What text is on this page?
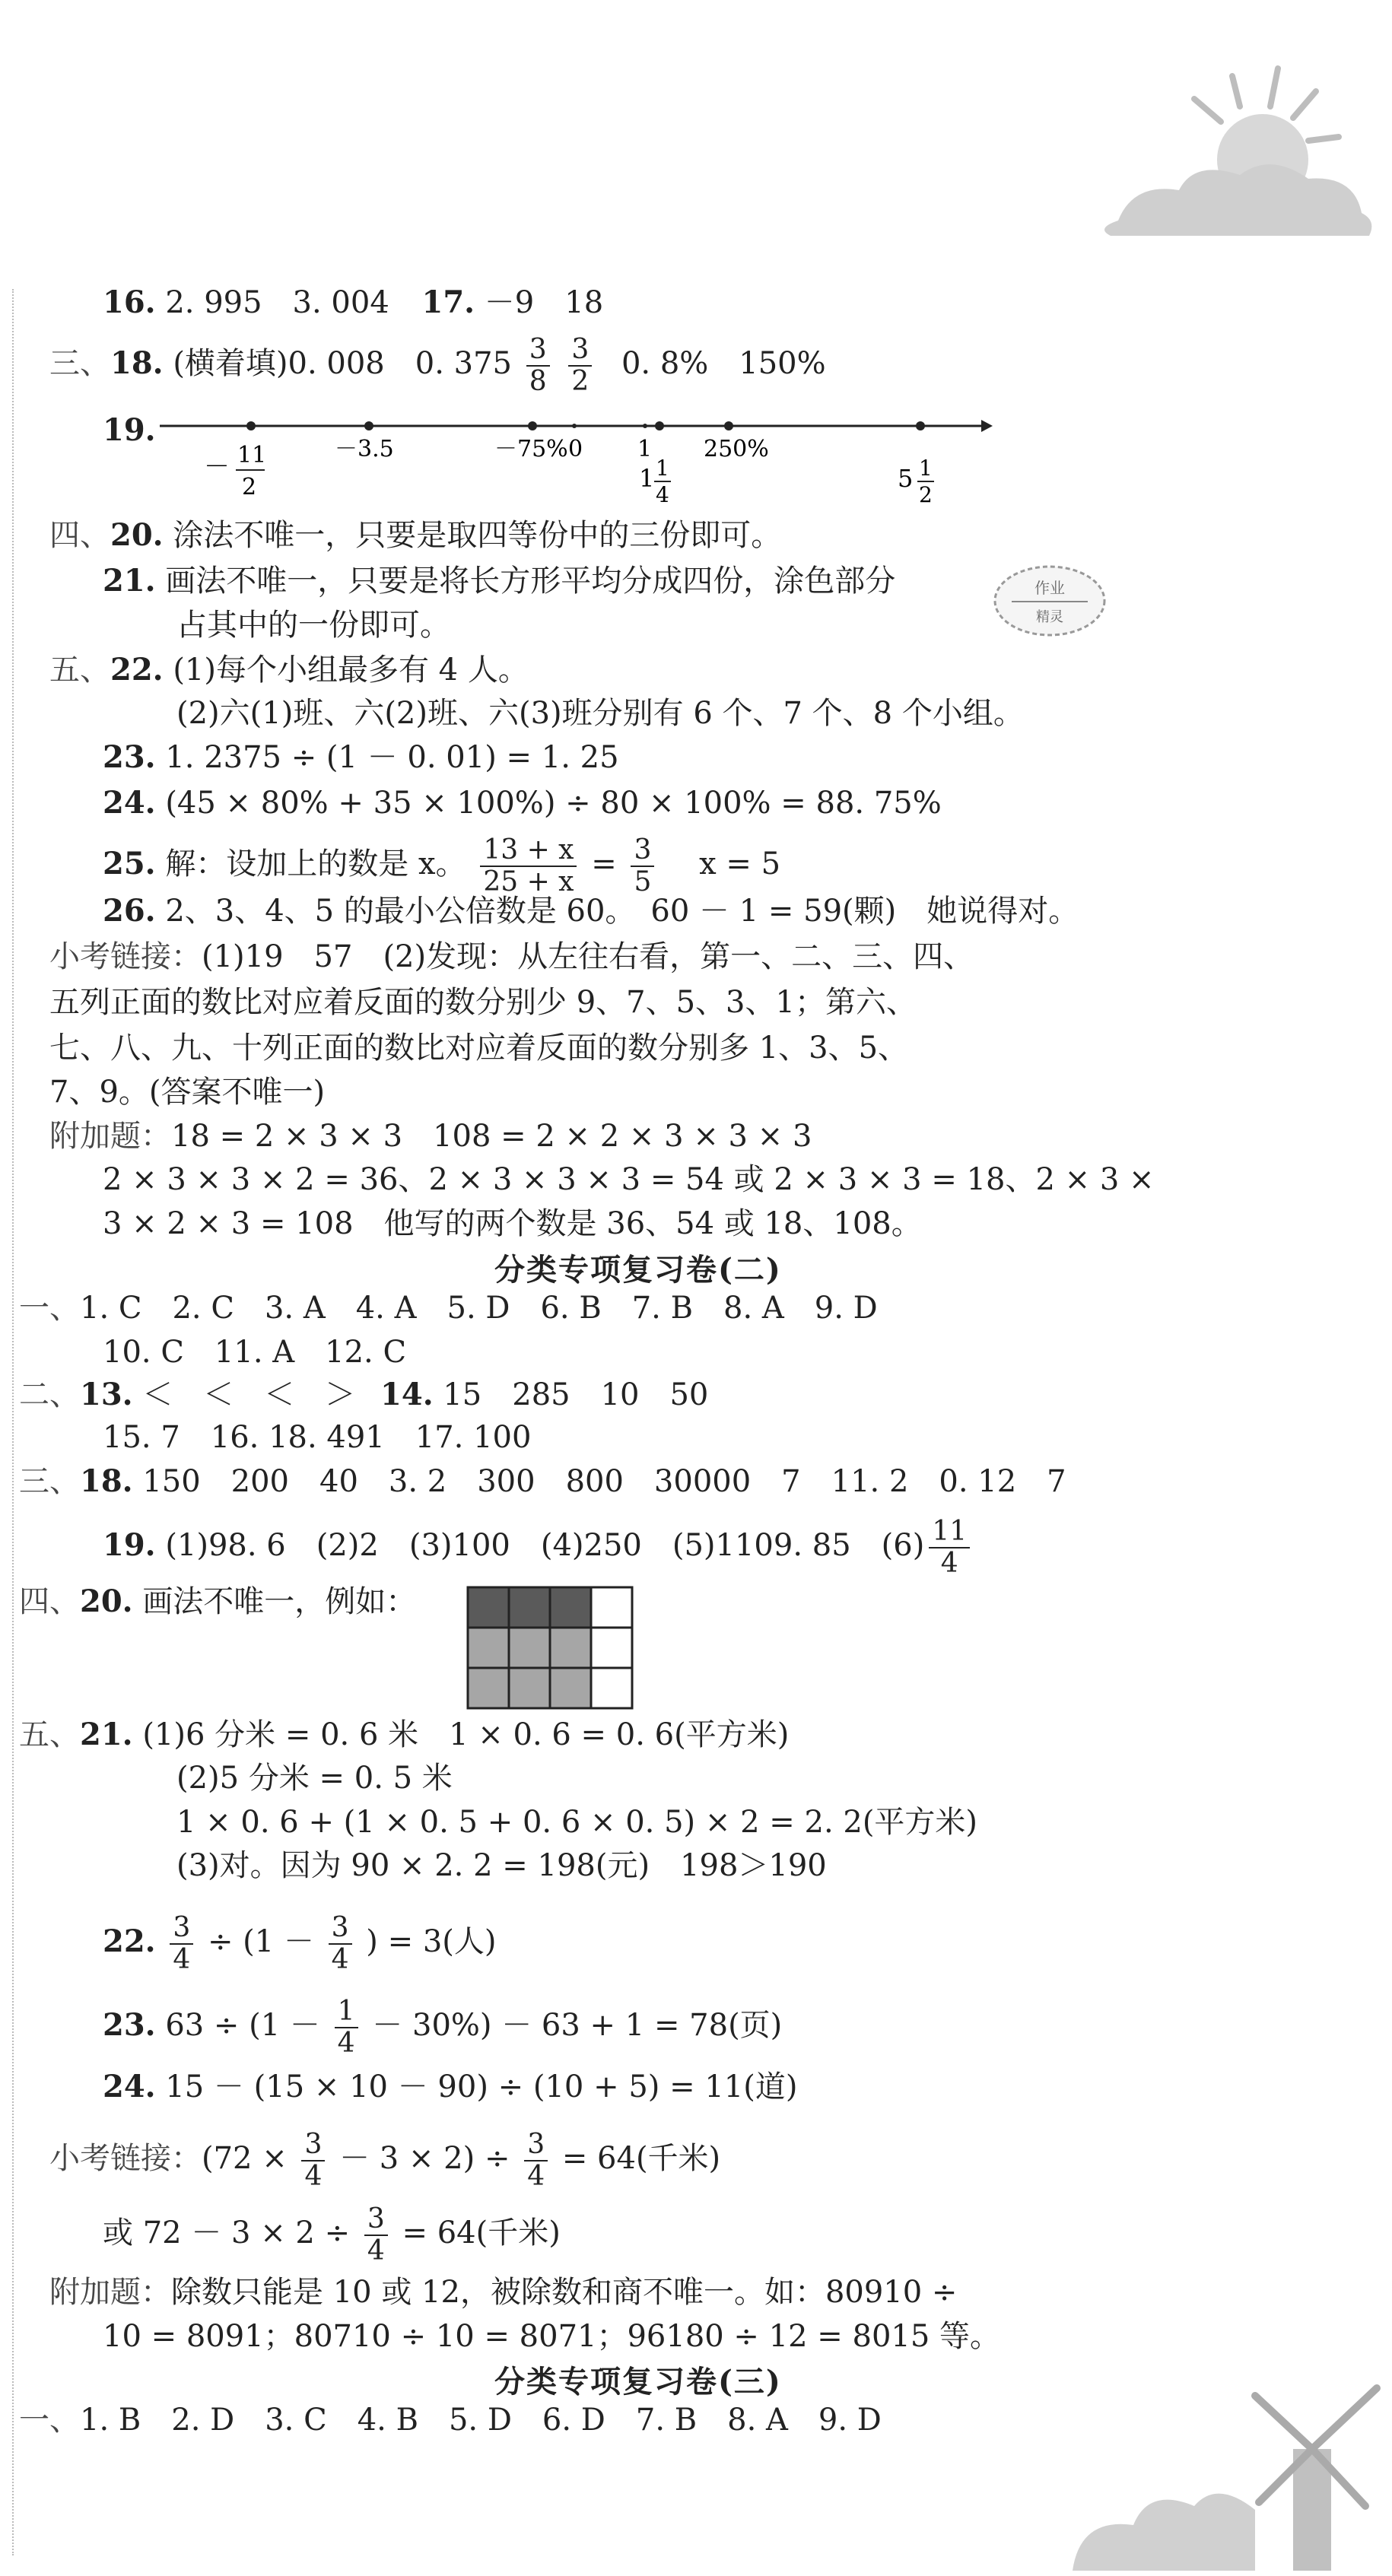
作业
精灵
16. 2. 995　3. 004 17. －9　18
三、18. (横着填)0. 008　0. $375 \frac{3}{8}$
$\frac{3}{2} 0$. 8%　150%
19.
－ 11
2
－3.5	－75% 0 1
1 1
4
250%
5 1
2
四、20. 涂法不唯一，只要是取四等份中的三份即可。
21. 画法不唯一，只要是将长方形平均分成四份，涂色部分
占其中的一份即可。
五、22. (1)每个小组最多有 4 人。
(2)六(1)班、六(2)班、六(3)班分别有 6 个、7 个、8 个小组。
23. 1. 2375 ÷ (1 － 0. 01) = 1. 25
24. (45 × 80% + 35 × 100%) ÷ 80 × 100% = 88. 75%
25. 解：设加上的数是 x。 $\frac{13 + x}{25 + x} = \frac{3}{5}$ x = 5
26. 2、3、4、5 的最小公倍数是 60。　60 － 1 = 59(颗)　她说得对。
小考链接：(1)19　57　(2)发现：从左往右看，第一、二、三、四、
五列正面的数比对应着反面的数分别少 9、7、5、3、1；第六、
七、八、九、十列正面的数比对应着反面的数分别多 1、3、5、
7、9。(答案不唯一)
附加题：18 = 2 × 3 × 3　108 = 2 × 2 × 3 × 3 × 3
2 × 3 × 3 × 2 = 36、2 × 3 × 3 × 3 = 54 或 2 × 3 × 3 = 18、2 × 3 ×
3 × 2 × 3 = 108　他写的两个数是 36、54 或 18、108。
分类专项复习卷(二)
一、1. C　2. C　3. A　4. A　5. D　6. B　7. B　8. A　9. D
10. C　11. A　12. C
二、13. ＜　＜　＜　＞ 14. 15　285　10　50
15. 7　16. 18. 491　17. 100
三、18. 150　200　40　3. 2　300　800　30000　7　11. 2　0. 12　7
19. (1)98. 6　(2)2　(3)100　(4)250　(5)1109. 85　$(6) \frac{11}{4}$
四、20. 画法不唯一，例如：
五、21. (1)6 分米 = 0. 6 米　1 × 0. 6 = 0. 6(平方米)
(2)5 分米 = 0. 5 米
1 × 0. 6 + (1 × 0. 5 + 0. 6 × 0. 5) × 2 = 2. 2(平方米)
(3)对。因为 90 × 2. 2 = 198(元)　198＞190
22. $\frac{3}{4} \div (1 - \frac{3}{4}$ ) = 3(人)
23. $63 \div (1 - \frac{1}{4} - 30\%) - 63 + 1 = 78$(页)
24. 15 － (15 × 10 － 90) ÷ (10 + 5) = 11(道)
小考链接：$(72 \times \frac{3}{4} - 3 \times 2) \div \frac{3}{4} = 64$(千米)
或 $72 - 3 \times 2 \div \frac{3}{4} = 64$(千米)
附加题：除数只能是 10 或 12，被除数和商不唯一。如：80910 ÷
10 = 8091；80710 ÷ 10 = 8071；96180 ÷ 12 = 8015 等。
分类专项复习卷(三)
一、1. B　2. D　3. C　4. B　5. D　6. D　7. B　8. A　9. D
